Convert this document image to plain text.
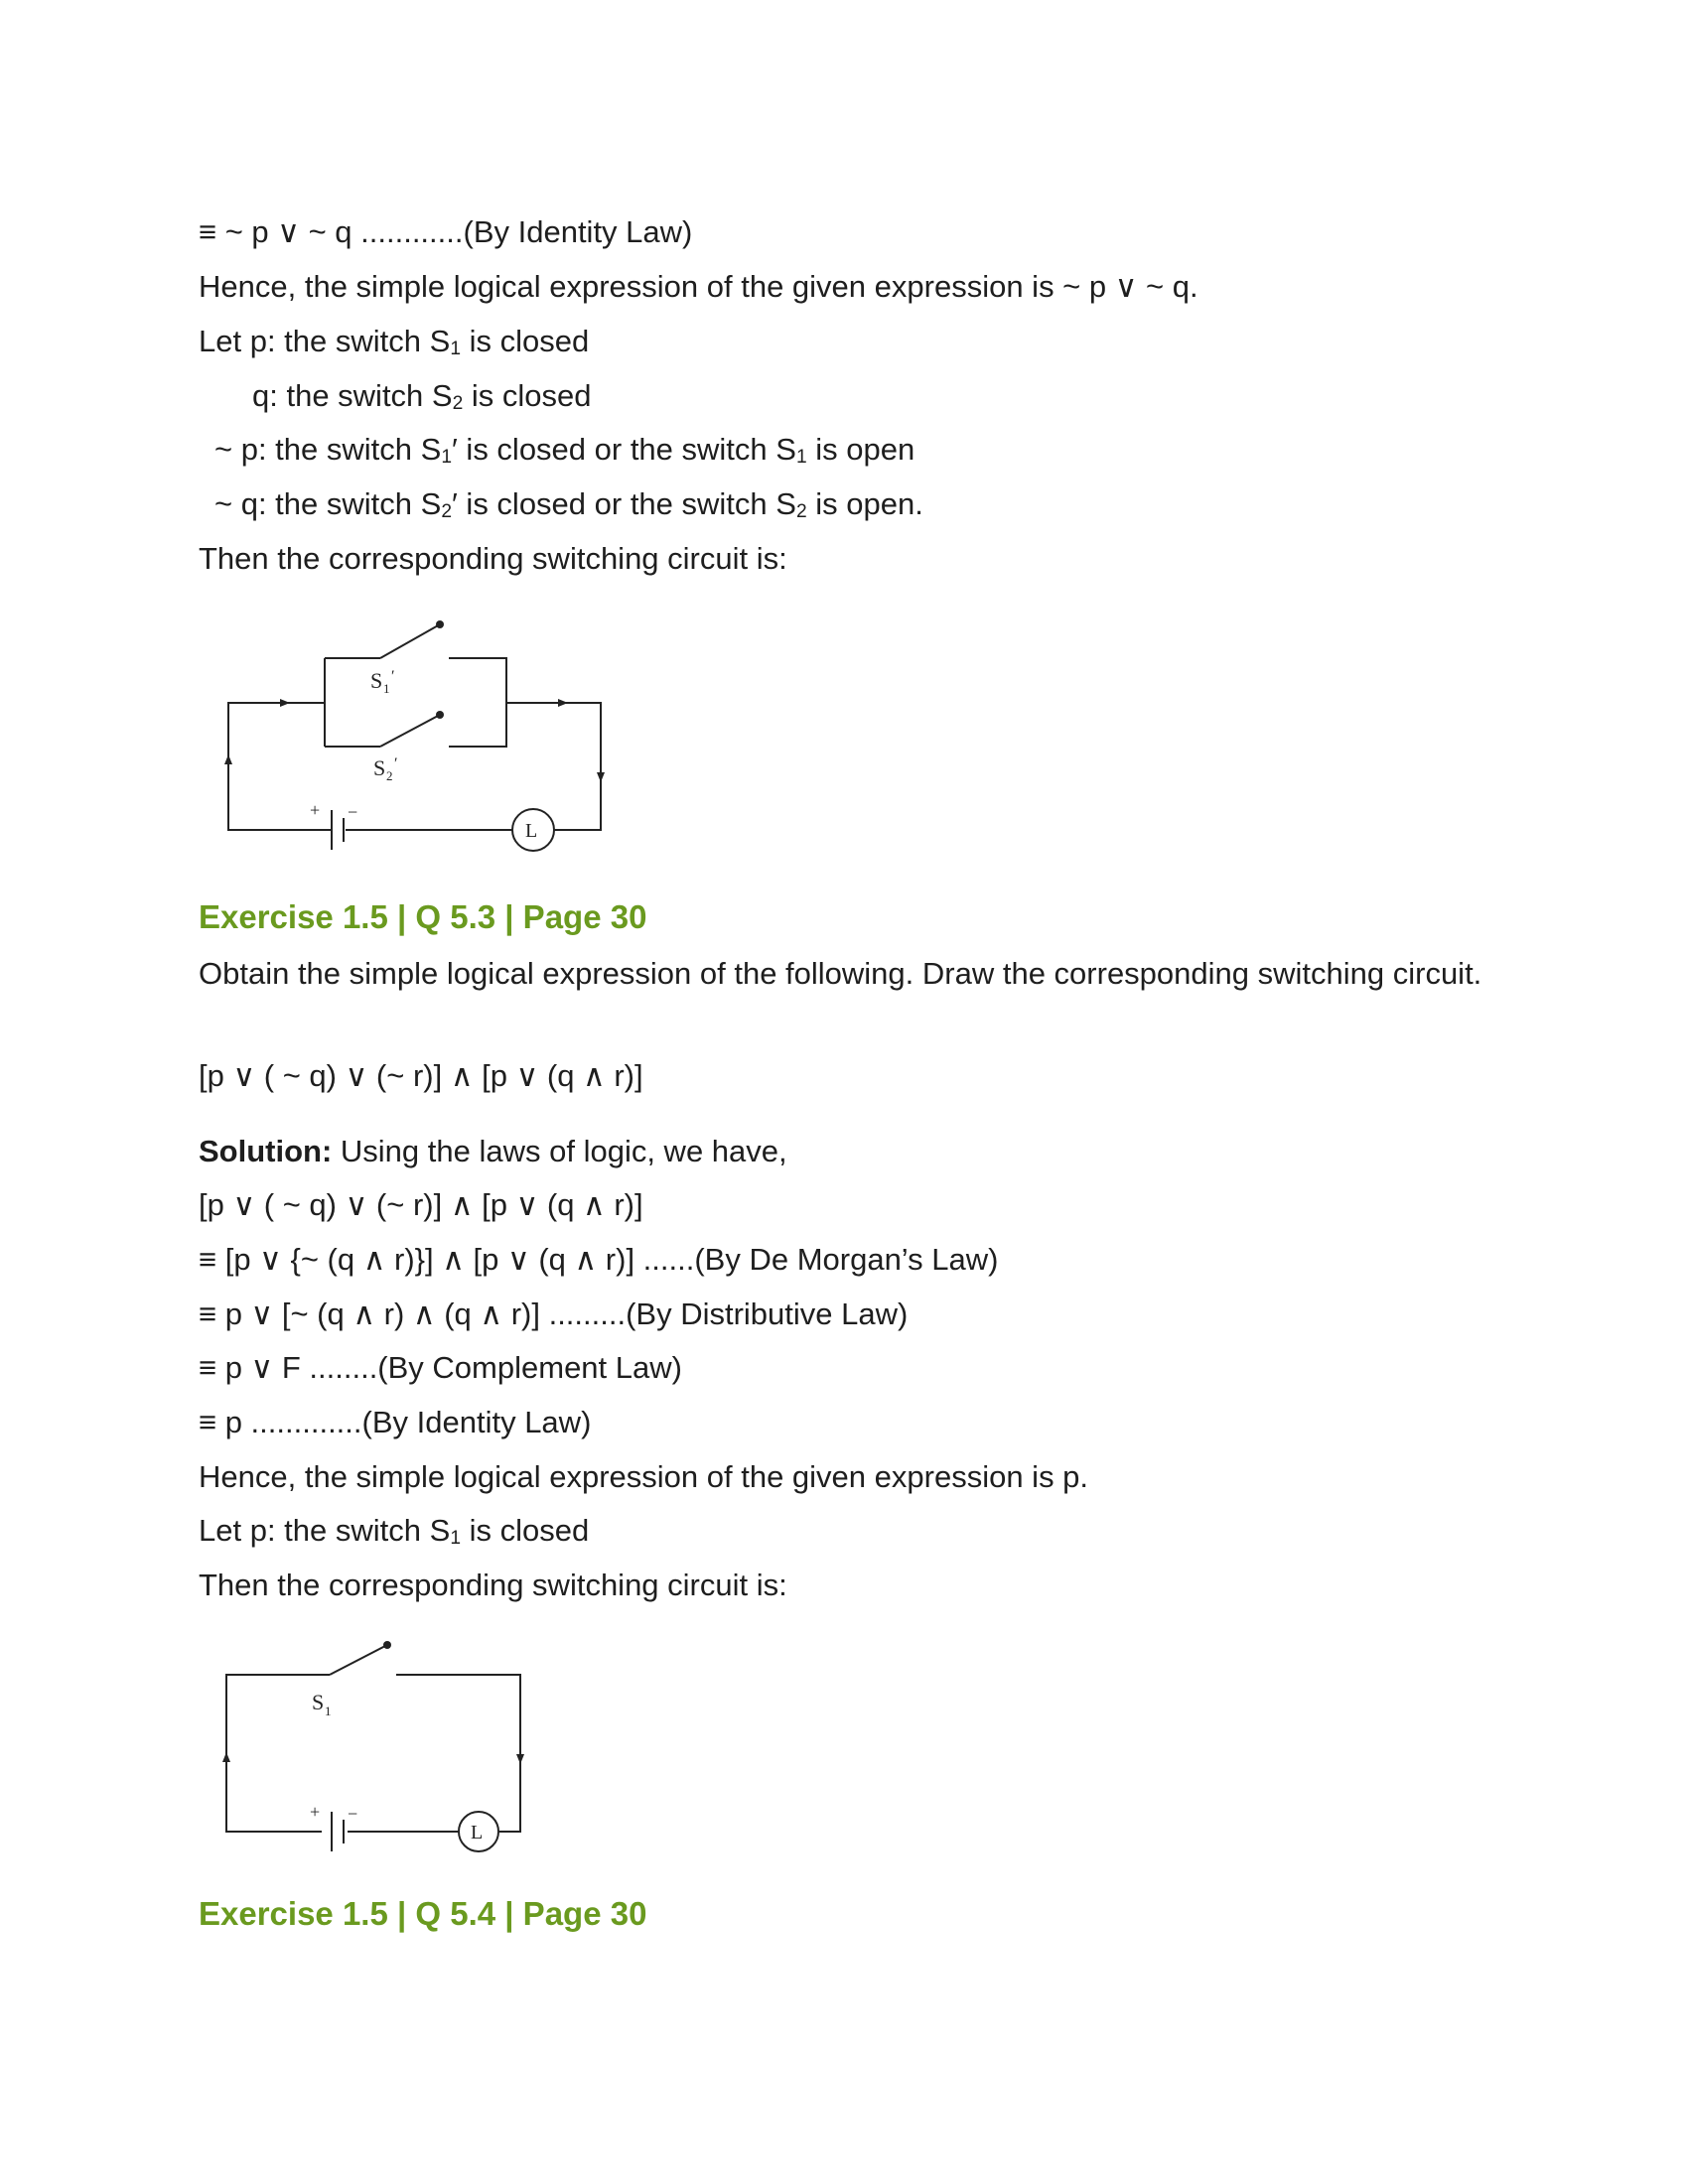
≡ ~ p ∨ ~ q ............(By Identity Law)
Hence, the simple logical expression of the given expression is ~ p ∨ ~ q.
Let p: the switch S1 is closed
q: the switch S2 is closed
~ p: the switch S1′ is closed or the switch S1 is open
~ q: the switch S2′ is closed or the switch S2 is open.
Then the corresponding switching circuit is:
S 1
′
S 2
′
+ −
L
Exercise 1.5 | Q 5.3 | Page 30
Obtain the simple logical expression of the following. Draw the corresponding switching circuit.
[p ∨ ( ~ q) ∨ (~ r)] ∧ [p ∨ (q ∧ r)]
Solution: Using the laws of logic, we have,
[p ∨ ( ~ q) ∨ (~ r)] ∧ [p ∨ (q ∧ r)]
≡ [p ∨ {~ (q ∧ r)}] ∧ [p ∨ (q ∧ r)] ......(By De Morgan’s Law)
≡ p ∨ [~ (q ∧ r) ∧ (q ∧ r)] .........(By Distributive Law)
≡ p ∨ F ........(By Complement Law)
≡ p .............(By Identity Law)
Hence, the simple logical expression of the given expression is p.
Let p: the switch S1 is closed
Then the corresponding switching circuit is:
S 1
+ −
L
Exercise 1.5 | Q 5.4 | Page 30
